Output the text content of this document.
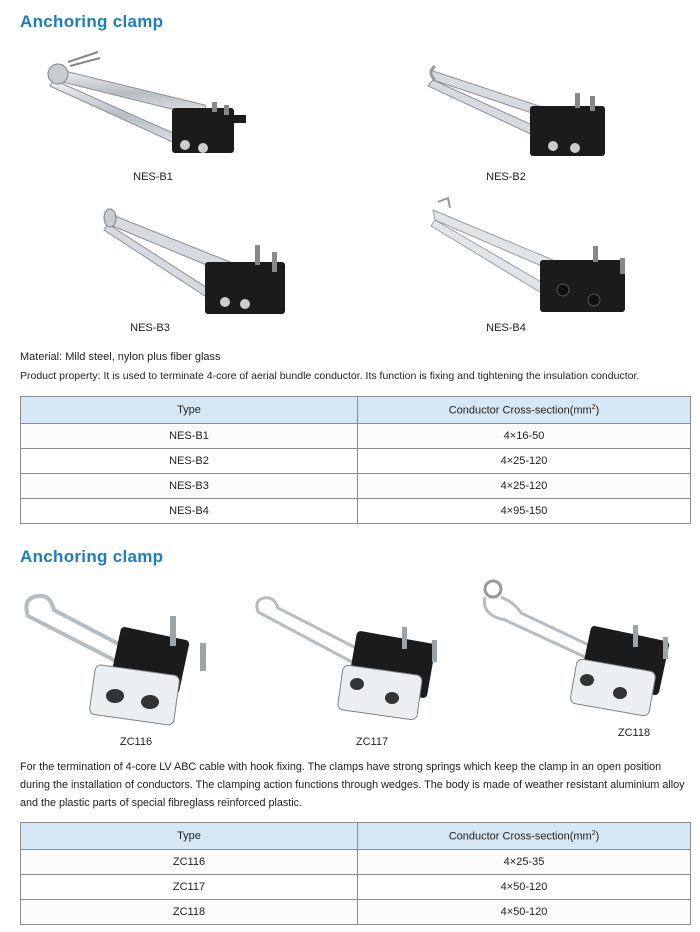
Anchoring clamp
NES-B1	NES-B2
NES-B3	NES-B4
Material: Mild steel, nylon plus fiber glass
Product property: It is used to terminate 4-core of aerial bundle conductor. Its function is fixing and tightening the insulation conductor.
Type	Conductor Cross-$section(mm^2)$
NES-B1	4×16-50
NES-B2	4×25-120
NES-B3	4×25-120
NES-B4	4×95-150
Anchoring clamp
ZC116	ZC117
ZC118
For the termination of 4-core LV ABC cable with hook fixing. The clamps have strong springs which keep the clamp in an open position during the installation of conductors. The clamping action functions through wedges. The body is made of weather resistant aluminium alloy and the plastic parts of special fibreglass reinforced plastic.
Type	Conductor Cross-$section(mm^2)$
ZC116	4×25-35
ZC117	4×50-120
ZC118	4×50-120
